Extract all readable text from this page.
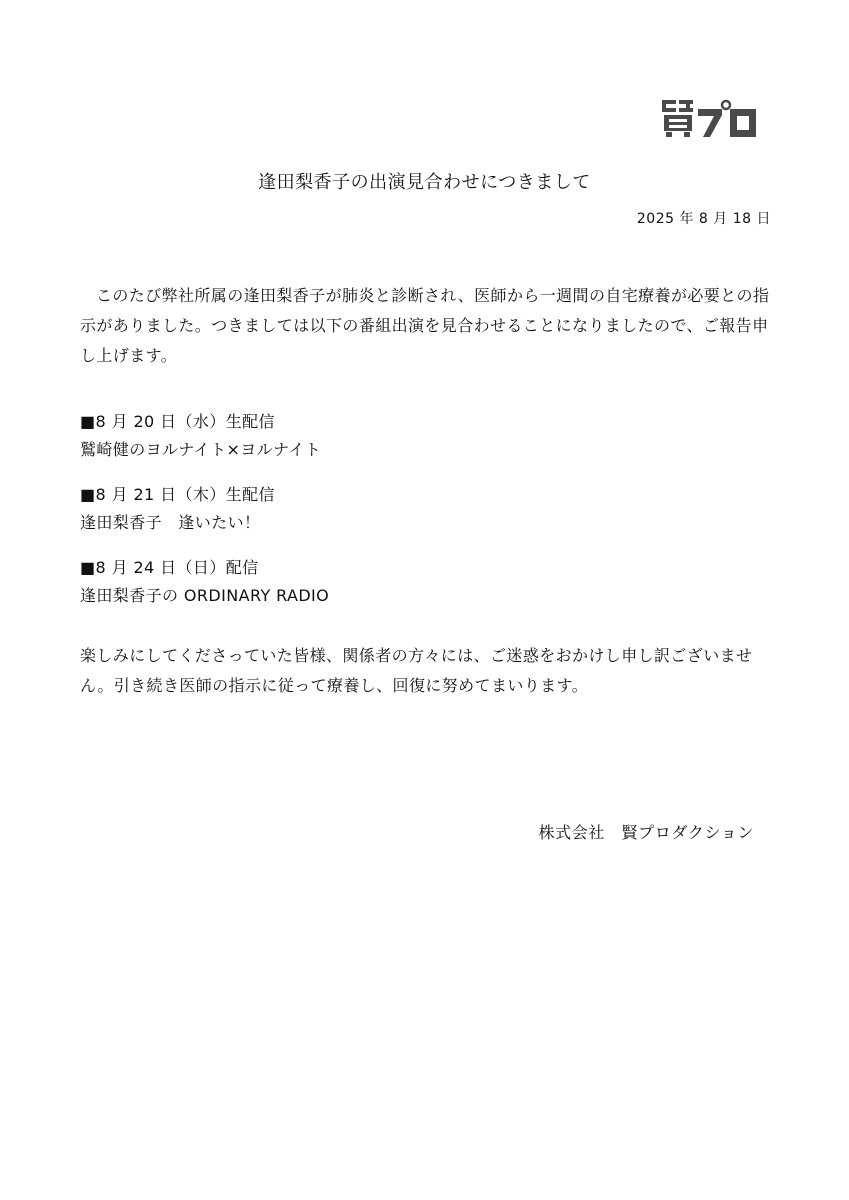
逢田梨香子の出演見合わせにつきまして
2025 年 8 月 18 日

このたび弊社所属の逢田梨香子が肺炎と診断され、医師から一週間の自宅療養が必要との指示がありました。つきましては以下の番組出演を見合わせることになりましたので、ご報告申し上げます。

■8 月 20 日（水）生配信
鷲崎健のヨルナイト×ヨルナイト
■8 月 21 日（木）生配信
逢田梨香子　逢いたい！
■8 月 24 日（日）配信
逢田梨香子の ORDINARY RADIO

楽しみにしてくださっていた皆様、関係者の方々には、ご迷惑をおかけし申し訳ございません。引き続き医師の指示に従って療養し、回復に努めてまいります。

株式会社　賢プロダクション
